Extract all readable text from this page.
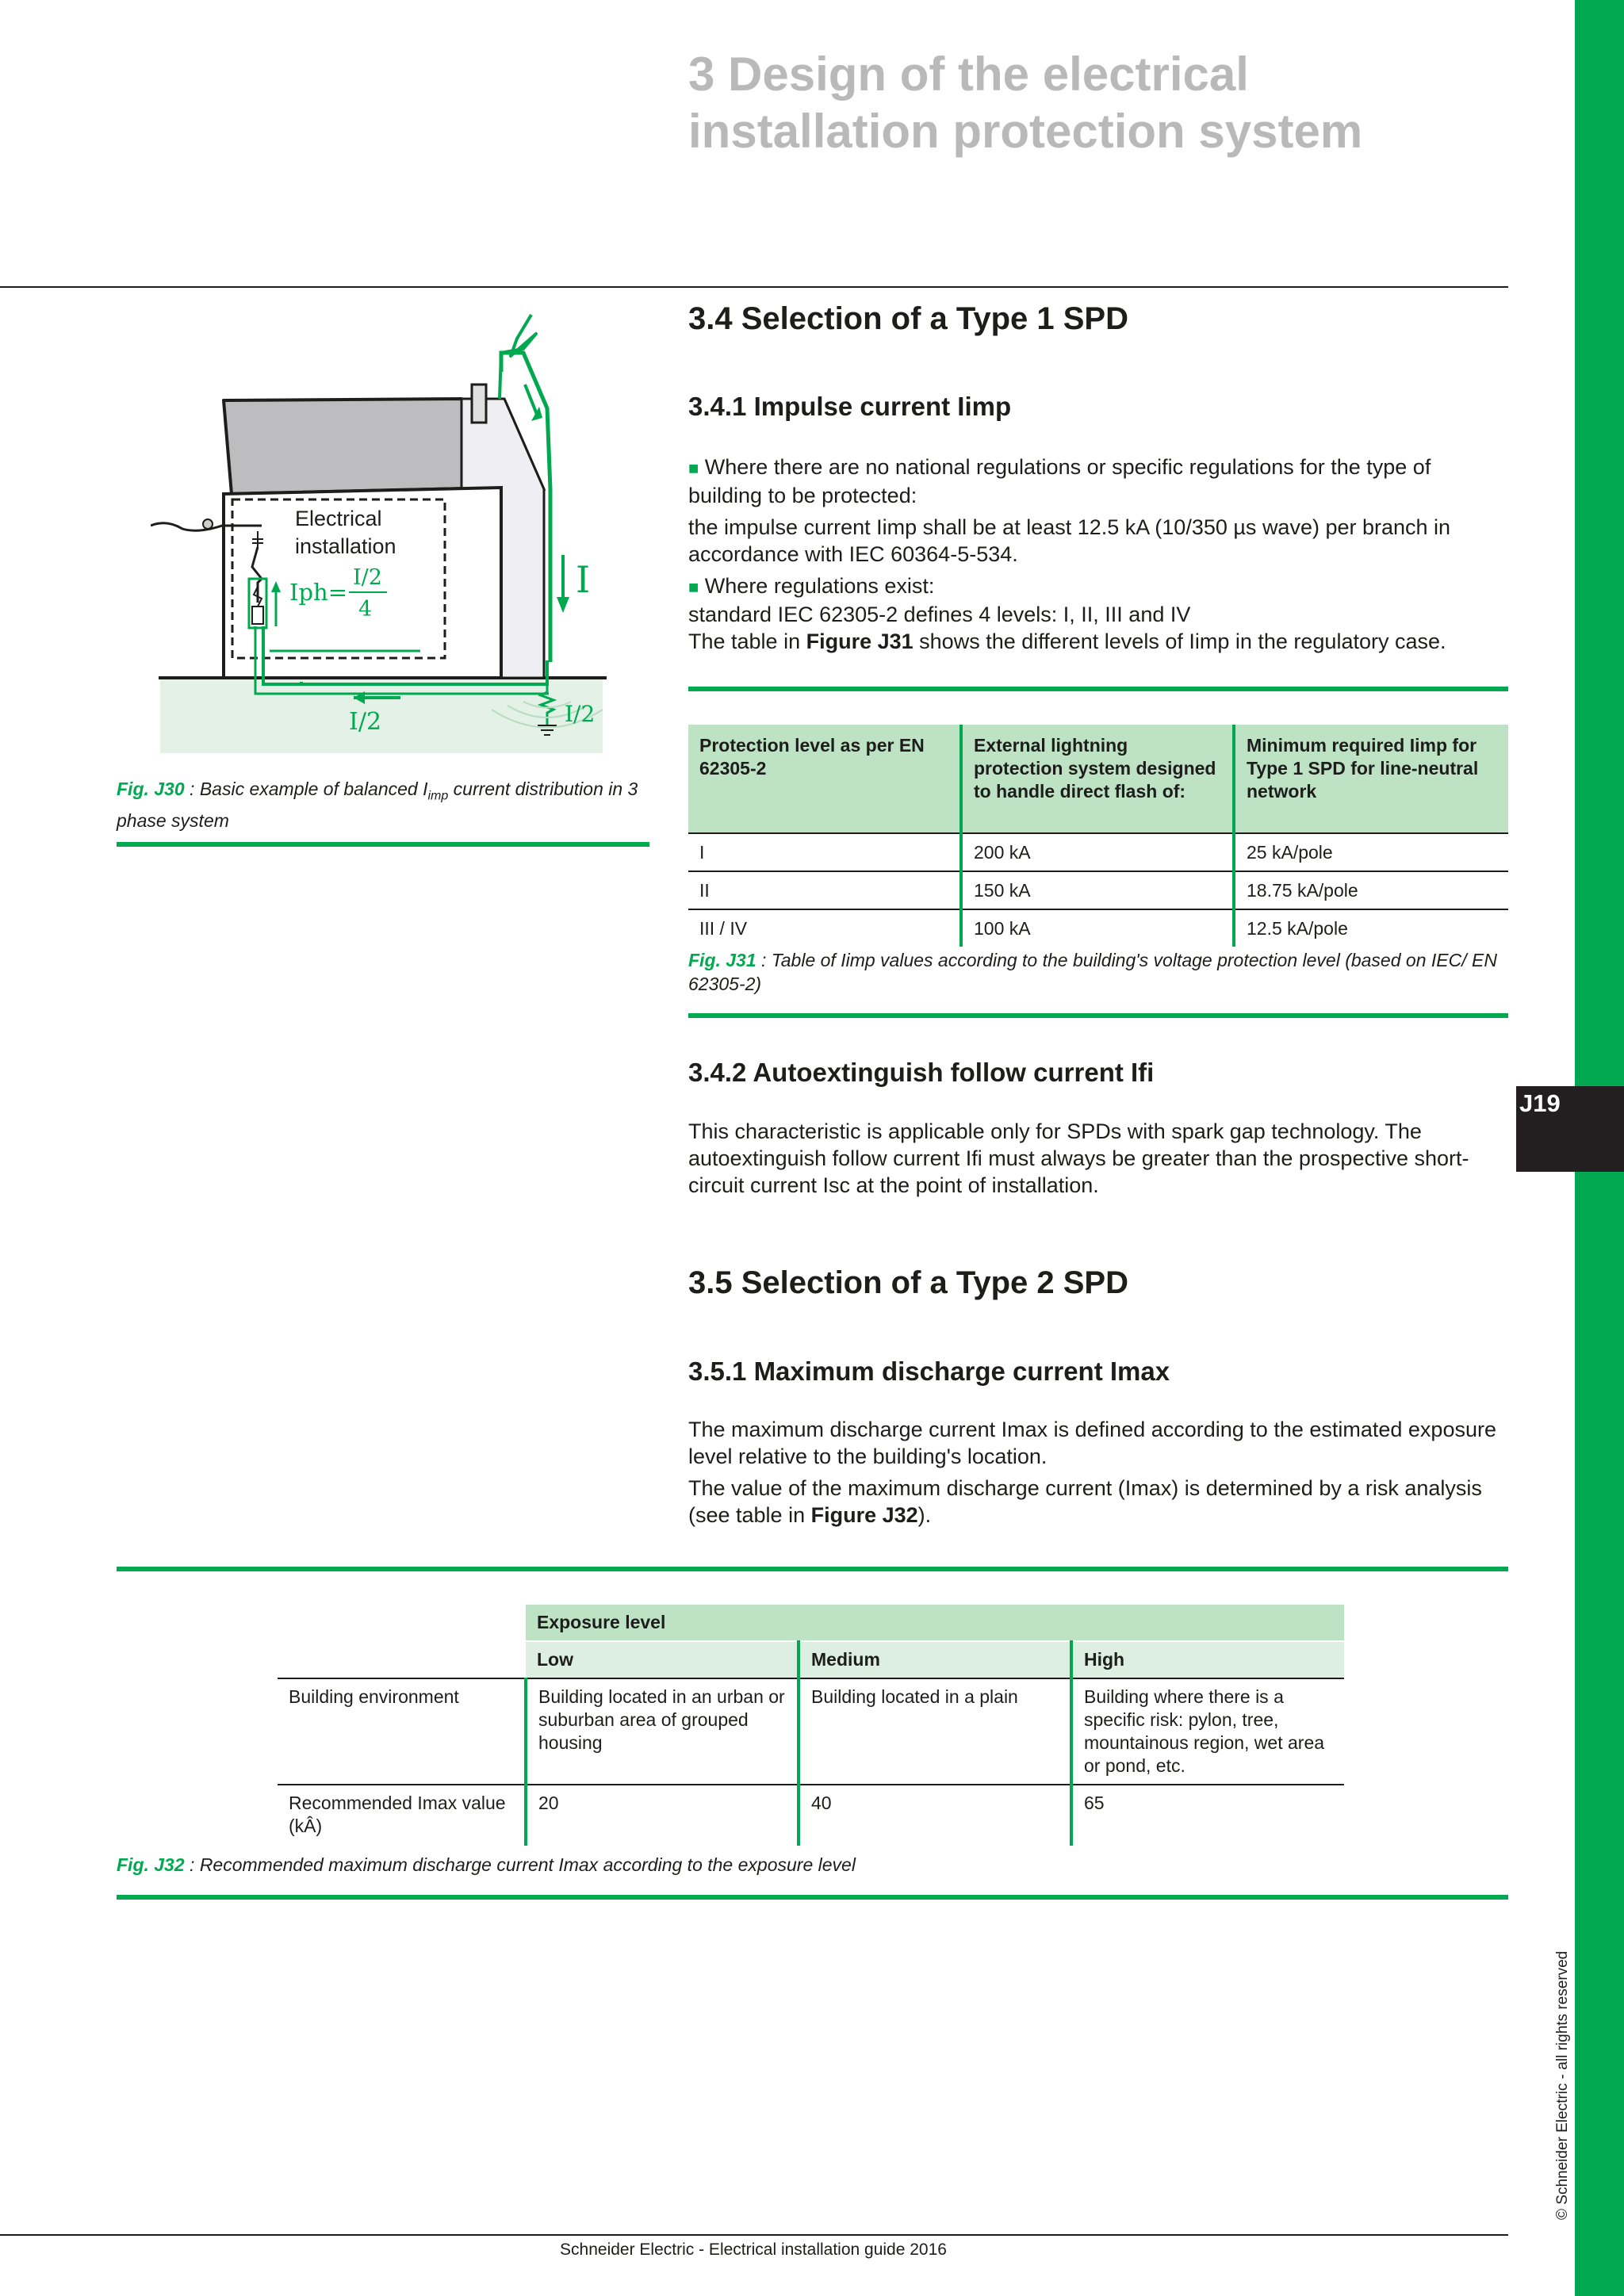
J19
© Schneider Electric - all rights reserved
3 Design of the electrical
installation protection system
Electrical
installation
Iph=
I/2
4
I/2
I
I/2
Fig. J30 : Basic example of balanced $I_{imp}$ current distribution in 3 phase system
3.4 Selection of a Type 1 SPD
3.4.1 Impulse current Iimp

■ Where there are no national regulations or specific regulations for the type of building to be protected:

the impulse current Iimp shall be at least 12.5 kA (10/350 µs wave) per branch in accordance with IEC 60364-5-534.

■ Where regulations exist:

standard IEC 62305-2 defines 4 levels: I, II, III and IV

The table in Figure J31 shows the different levels of Iimp in the regulatory case.

Protection level as per EN 62305-2	External lightning protection system designed to handle direct flash of:	Minimum required Iimp for Type 1 SPD for line-neutral network
I	200 kA	25 kA/pole
II	150 kA	18.75 kA/pole
III / IV	100 kA	12.5 kA/pole
Fig. J31 : Table of Iimp values according to the building's voltage protection level (based on IEC/ EN 62305-2)
3.4.2 Autoextinguish follow current Ifi

This characteristic is applicable only for SPDs with spark gap technology. The autoextinguish follow current Ifi must always be greater than the prospective short-circuit current Isc at the point of installation.

3.5 Selection of a Type 2 SPD
3.5.1 Maximum discharge current Imax

The maximum discharge current Imax is defined according to the estimated exposure level relative to the building's location.

The value of the maximum discharge current (Imax) is determined by a risk analysis (see table in Figure J32).

	Exposure level		
	Low	Medium	High
Building environment	Building located in an urban or suburban area of grouped housing	Building located in a plain	Building where there is a specific risk: pylon, tree, mountainous region, wet area or pond, etc.
Recommended Imax value (kÂ)	20	40	65
Fig. J32 : Recommended maximum discharge current Imax according to the exposure level
Schneider Electric - Electrical installation guide 2016
